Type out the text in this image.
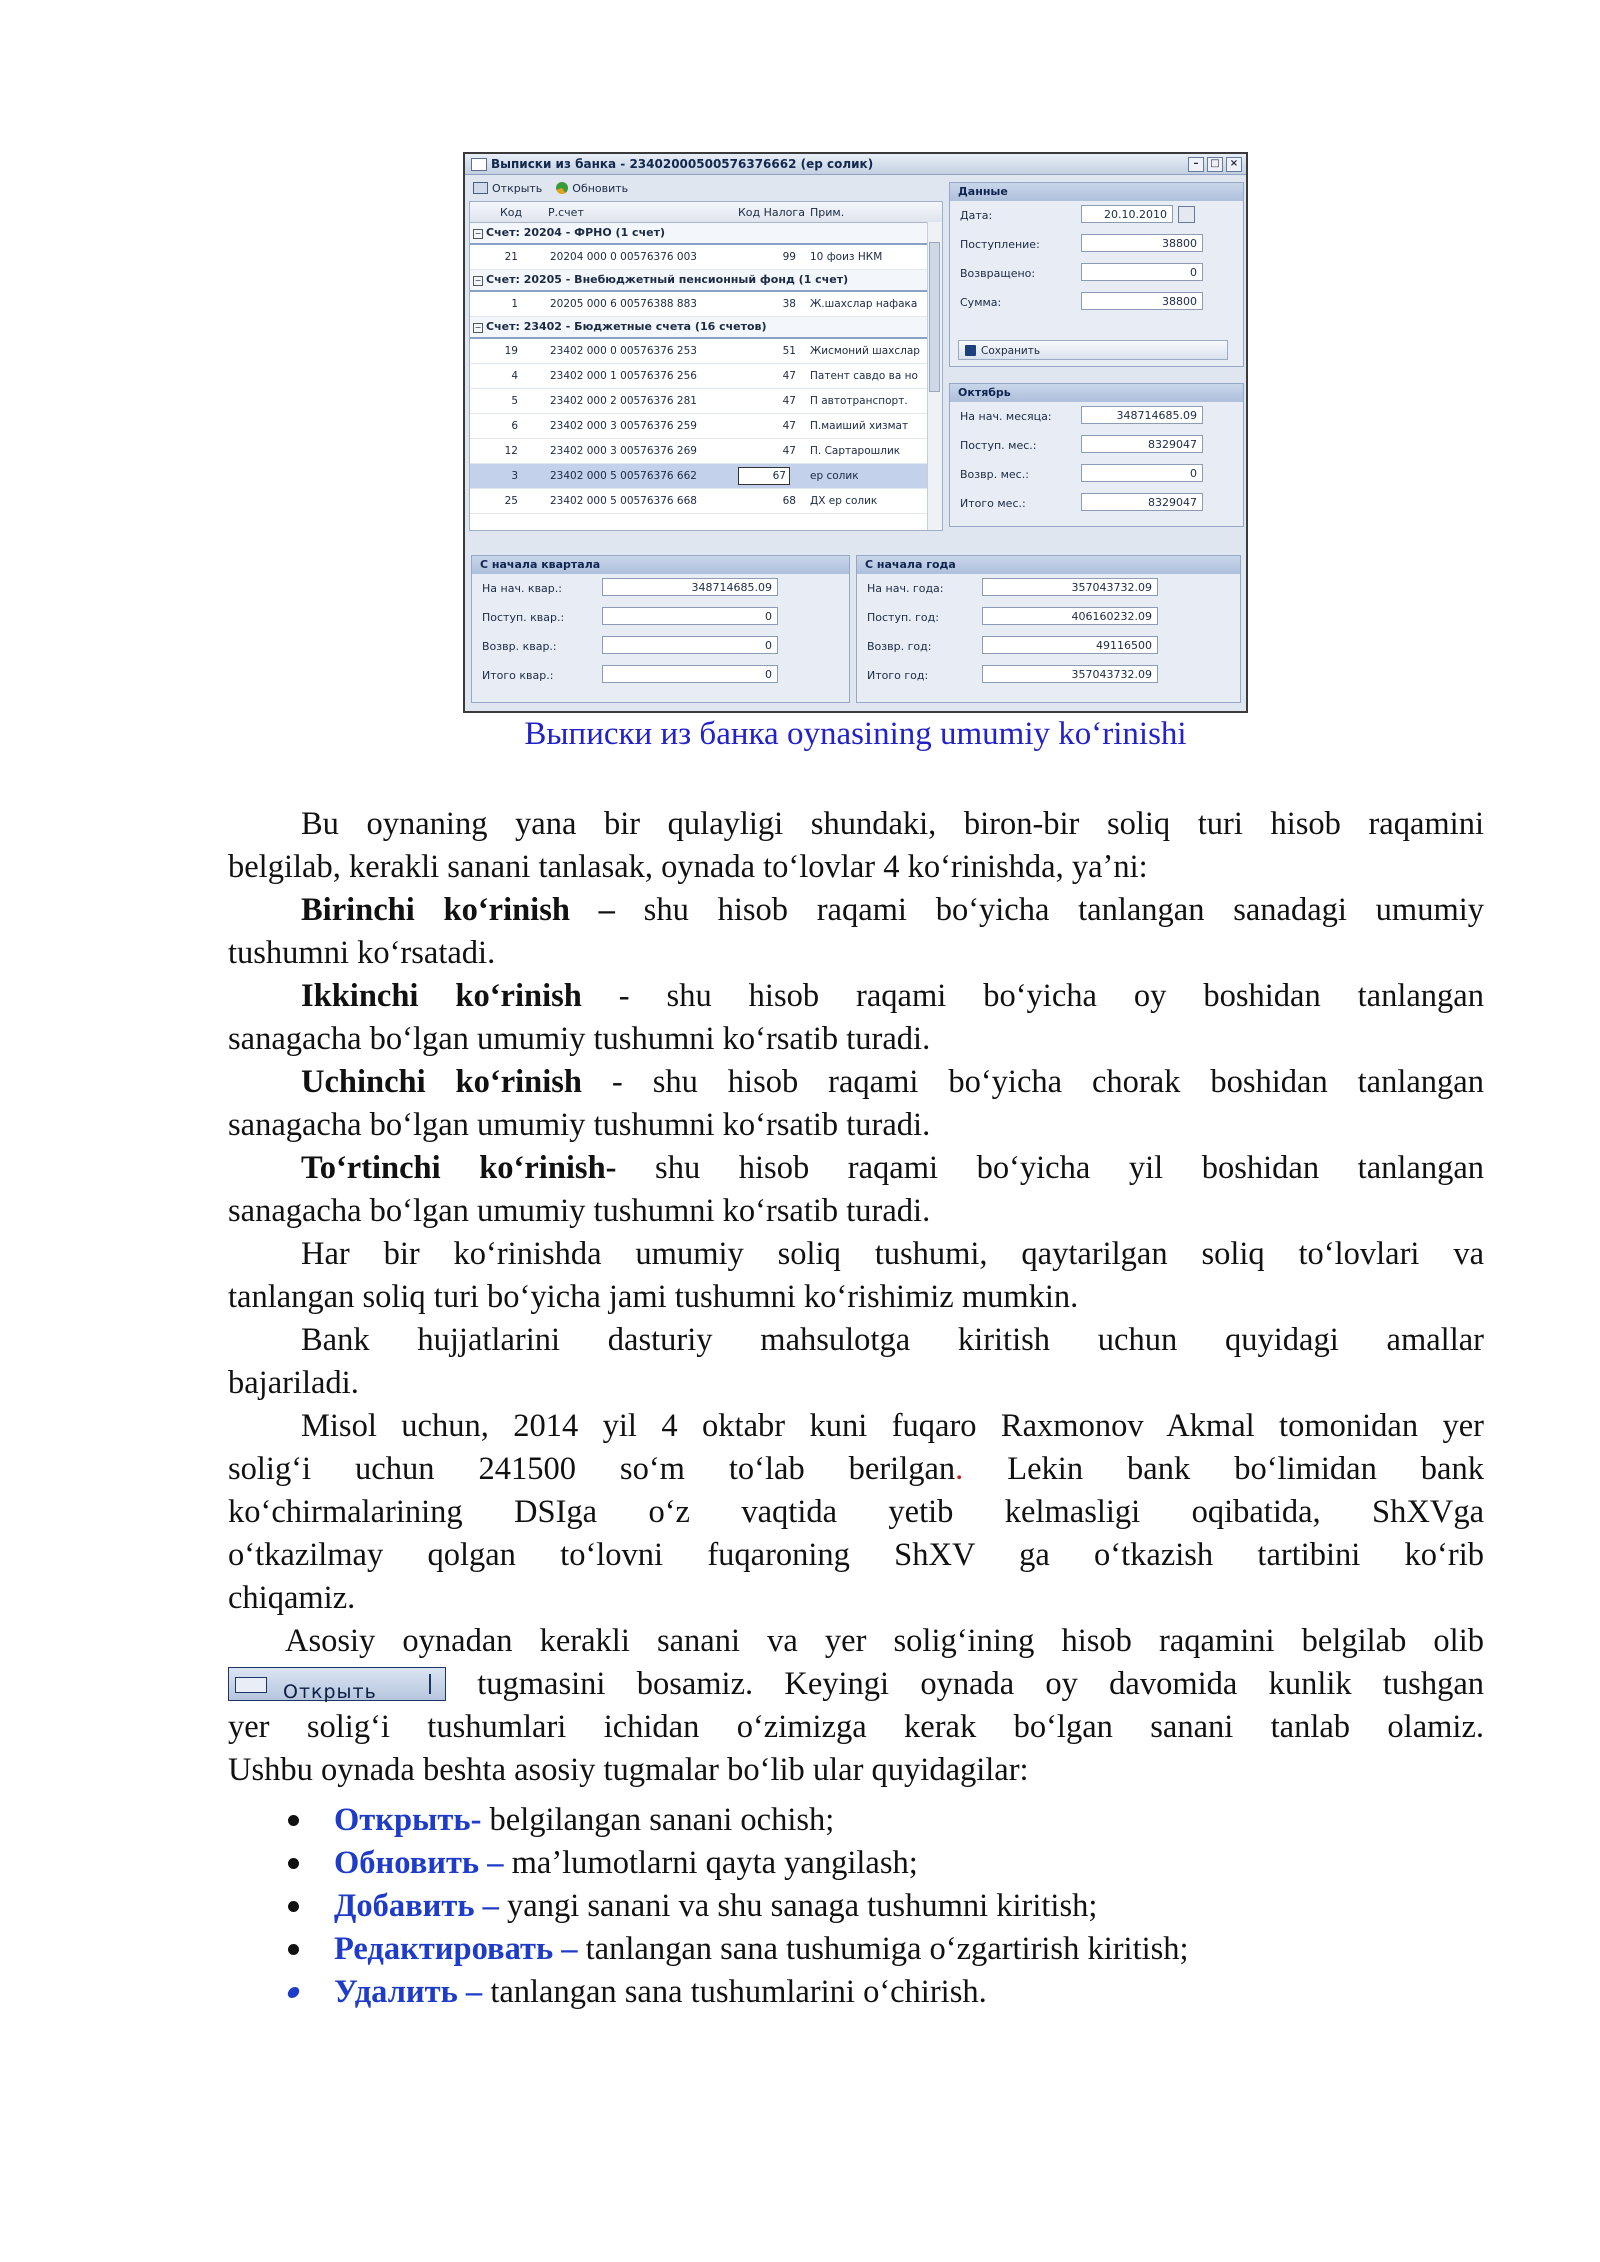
Выписки из банка - 23402000500576376662 (ер солик)	–	□	×
Открыть	Обновить
Код Р.счет	Код Налога Прим.
− Счет: 20204 - ФРНО (1 счет)
21	20204 000 0 00576376 003	99 10 фоиз НКМ
− Счет: 20205 - Внебюджетный пенсионный фонд (1 счет)
1	20205 000 6 00576388 883	38 Ж.шахслар нафака
− Счет: 23402 - Бюджетные счета (16 счетов)
19	23402 000 0 00576376 253	51 Жисмоний шахслар
4	23402 000 1 00576376 256	47 Патент савдо ва но
5	23402 000 2 00576376 281	47 П автотранспорт.
6	23402 000 3 00576376 259	47 П.маиший хизмат
12	23402 000 3 00576376 269	47 П. Сартарошлик
3	23402 000 5 00576376 662	67	ер солик
25	23402 000 5 00576376 668	68 ДХ ер солик
Данные
Дата:	20.10.2010
Поступление:	38800
Возвращено:	0
Сумма:	38800
Сохранить
Октябрь
На нач. месяца:	348714685.09
Поступ. мес.:	8329047
Возвр. мес.:	0
Итого мес.:	8329047
С начала квартала
На нач. квар.:	348714685.09
Поступ. квар.:	0
Возвр. квар.:	0
Итого квар.:	0
С начала года
На нач. года:	357043732.09
Поступ. год:	406160232.09
Возвр. год:	49116500
Итого год:	357043732.09
Выписки из банка oynasining umumiy koʻrinishi
Bu oynaning yana bir qulayligi shundaki, biron-bir soliq turi hisob raqamini
belgilab, kerakli sanani tanlasak, oynada toʻlovlar 4 koʻrinishda, yaʼni:
Birinchi koʻrinish – shu hisob raqami boʻyicha tanlangan sanadagi umumiy
tushumni koʻrsatadi.
Ikkinchi koʻrinish - shu hisob raqami boʻyicha oy boshidan tanlangan
sanagacha boʻlgan umumiy tushumni koʻrsatib turadi.
Uchinchi koʻrinish - shu hisob raqami boʻyicha chorak boshidan tanlangan
sanagacha boʻlgan umumiy tushumni koʻrsatib turadi.
Toʻrtinchi koʻrinish- shu hisob raqami boʻyicha yil boshidan tanlangan
sanagacha boʻlgan umumiy tushumni koʻrsatib turadi.
Har bir koʻrinishda umumiy soliq tushumi, qaytarilgan soliq toʻlovlari va
tanlangan soliq turi boʻyicha jami tushumni koʻrishimiz mumkin.
Bank hujjatlarini dasturiy mahsulotga kiritish uchun quyidagi amallar
bajariladi.
Misol uchun, 2014 yil 4 oktabr kuni fuqaro Raxmonov Akmal tomonidan yer
soligʻi uchun 241500 soʻm toʻlab berilgan. Lekin bank boʻlimidan bank
koʻchirmalarining DSIga oʻz vaqtida yetib kelmasligi oqibatida, ShXVga
oʻtkazilmay qolgan toʻlovni fuqaroning ShXV ga oʻtkazish tartibini koʻrib
chiqamiz.
Asosiy oynadan kerakli sanani va yer soligʻining hisob raqamini belgilab olib
Открыть tugmasini bosamiz. Keyingi oynada oy davomida kunlik tushgan
yer soligʻi tushumlari ichidan oʻzimizga kerak boʻlgan sanani tanlab olamiz.
Ushbu oynada beshta asosiy tugmalar boʻlib ular quyidagilar:
Открыть- belgilangan sanani ochish;
Обновить – maʼlumotlarni qayta yangilash;
Добавить – yangi sanani va shu sanaga tushumni kiritish;
Редактировать – tanlangan sana tushumiga oʻzgartirish kiritish;
Удалить – tanlangan sana tushumlarini oʻchirish.
